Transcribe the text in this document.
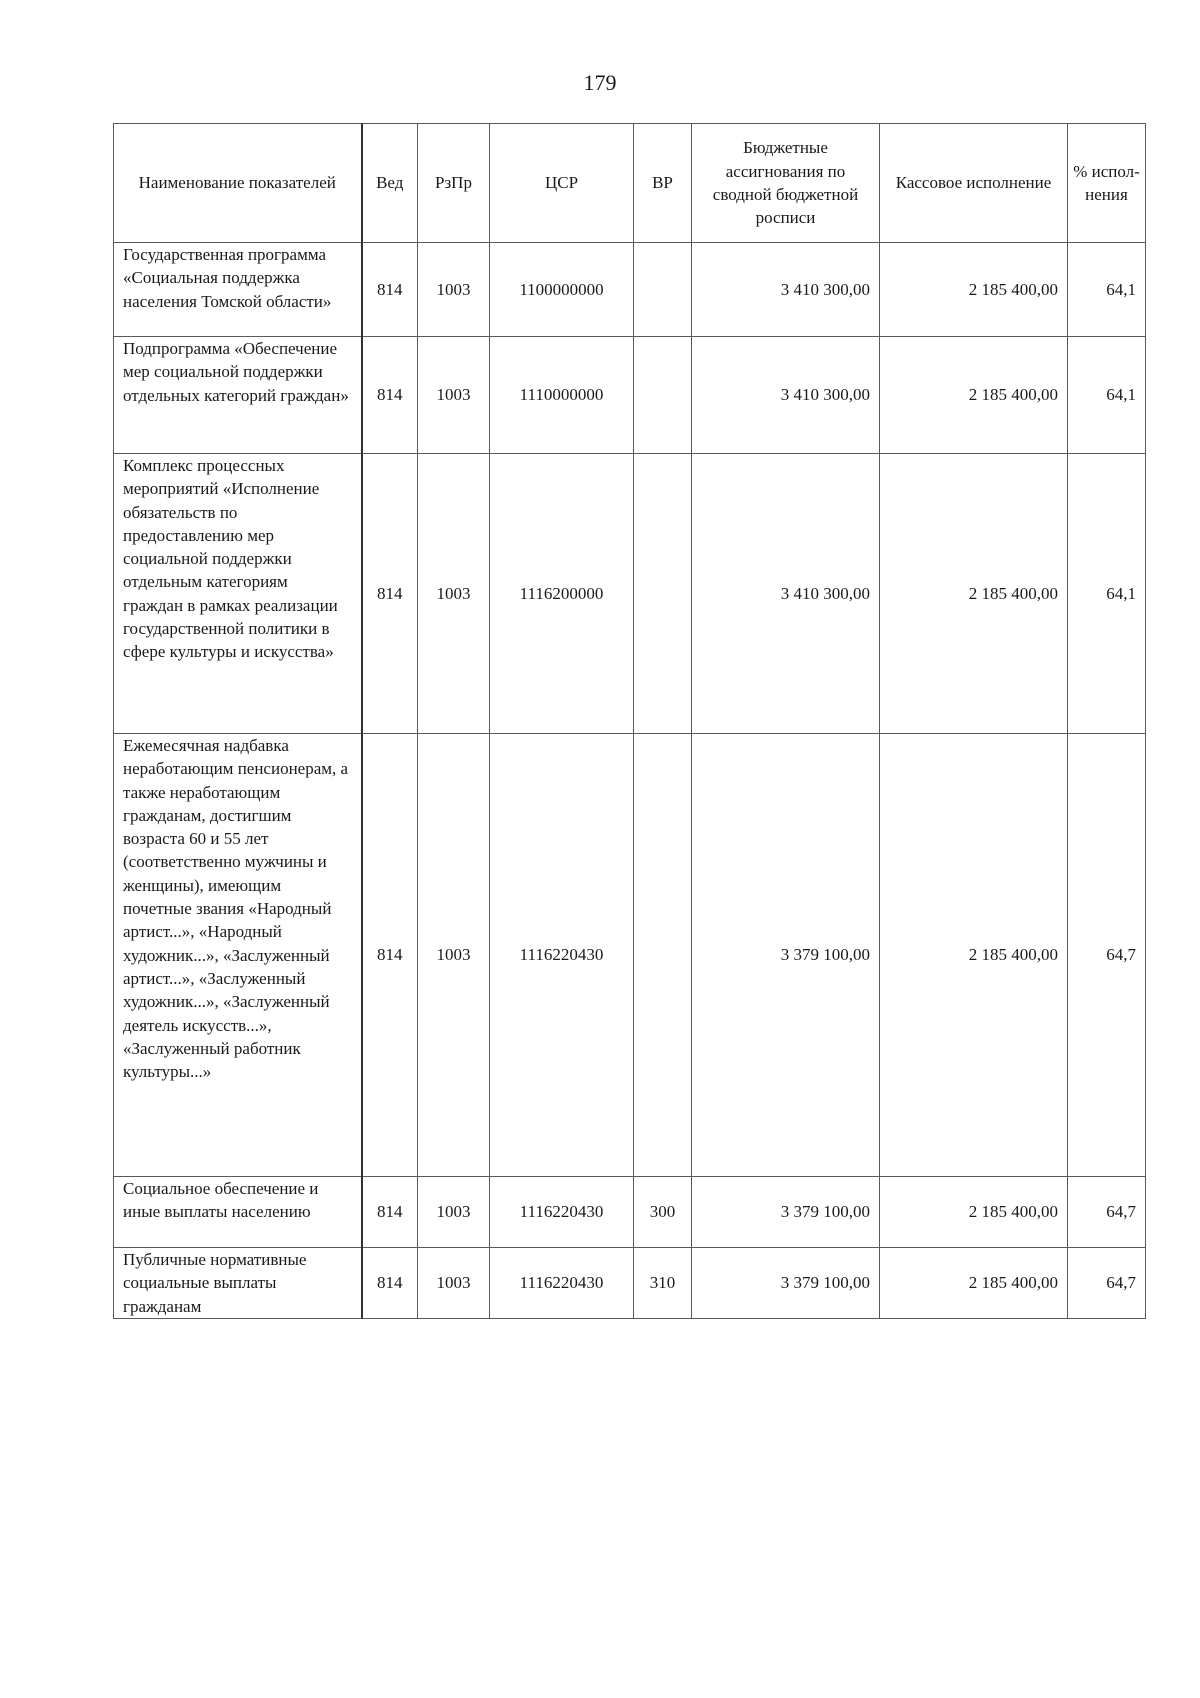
179
Наименование показателей	Вед	РзПр	ЦСР	ВР	Бюджетные ассигнования по сводной бюджетной росписи	Кассовое исполнение	% испол-нения
Государственная программа «Социальная поддержка населения Томской области»	814	1003	1100000000		3 410 300,00	2 185 400,00	64,1
Подпрограмма «Обеспечение мер социальной поддержки отдельных категорий граждан»	814	1003	1110000000		3 410 300,00	2 185 400,00	64,1
Комплекс процессных мероприятий «Исполнение обязательств по предоставлению мер социальной поддержки отдельным категориям граждан в рамках реализации государственной политики в сфере культуры и искусства»	814	1003	1116200000		3 410 300,00	2 185 400,00	64,1
Ежемесячная надбавка неработающим пенсионерам, а также неработающим гражданам, достигшим возраста 60 и 55 лет (соответственно мужчины и женщины), имеющим почетные звания «Народный артист...», «Народный художник...», «Заслуженный артист...», «Заслуженный художник...», «Заслуженный деятель искусств...», «Заслуженный работник культуры...»	814	1003	1116220430		3 379 100,00	2 185 400,00	64,7
Социальное обеспечение и иные выплаты населению	814	1003	1116220430	300	3 379 100,00	2 185 400,00	64,7
Публичные нормативные социальные выплаты гражданам	814	1003	1116220430	310	3 379 100,00	2 185 400,00	64,7
